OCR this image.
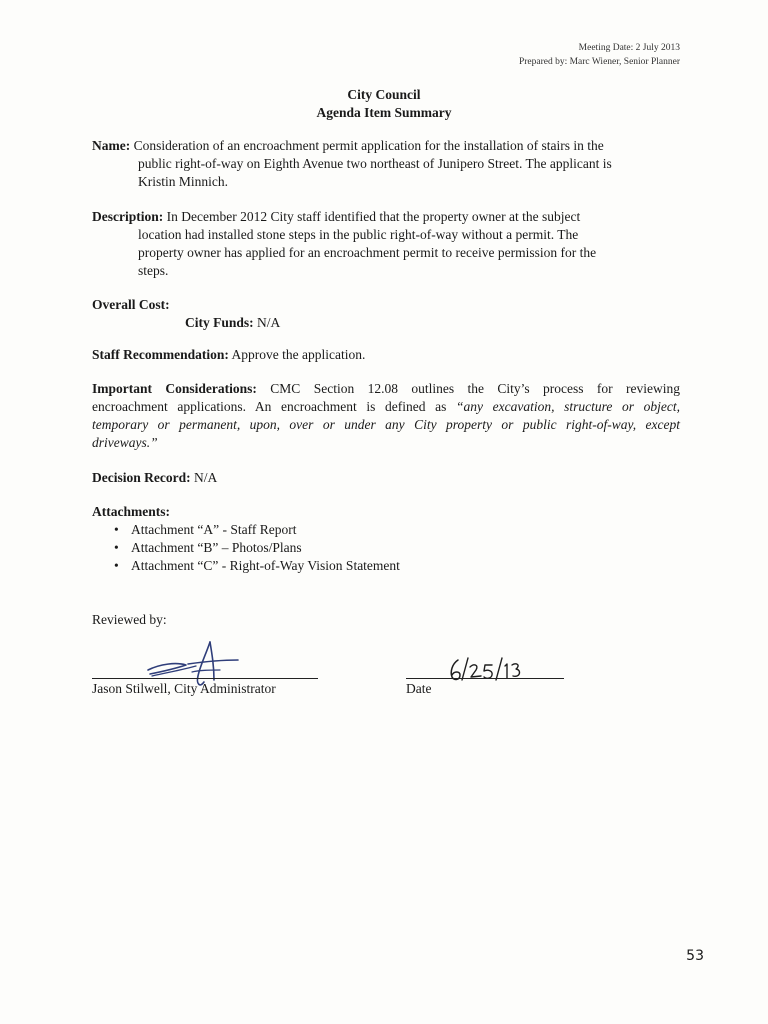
Meeting Date: 2 July 2013
Prepared by: Marc Wiener, Senior Planner
City Council
Agenda Item Summary
Name: Consideration of an encroachment permit application for the installation of stairs in the
public right-of-way on Eighth Avenue two northeast of Junipero Street. The applicant is
Kristin Minnich.
Description: In December 2012 City staff identified that the property owner at the subject
location had installed stone steps in the public right-of-way without a permit. The
property owner has applied for an encroachment permit to receive permission for the
steps.
Overall Cost:
City Funds: N/A
Staff Recommendation: Approve the application.
Important Considerations: CMC Section 12.08 outlines the City’s process for reviewing
encroachment applications. An encroachment is defined as “any excavation, structure or object,
temporary or permanent, upon, over or under any City property or public right-of-way, except
driveways.”
Decision Record: N/A
Attachments:
• Attachment “A” - Staff Report
• Attachment “B” – Photos/Plans
• Attachment “C” - Right-of-Way Vision Statement
Reviewed by:
Jason Stilwell, City Administrator	Date
53
